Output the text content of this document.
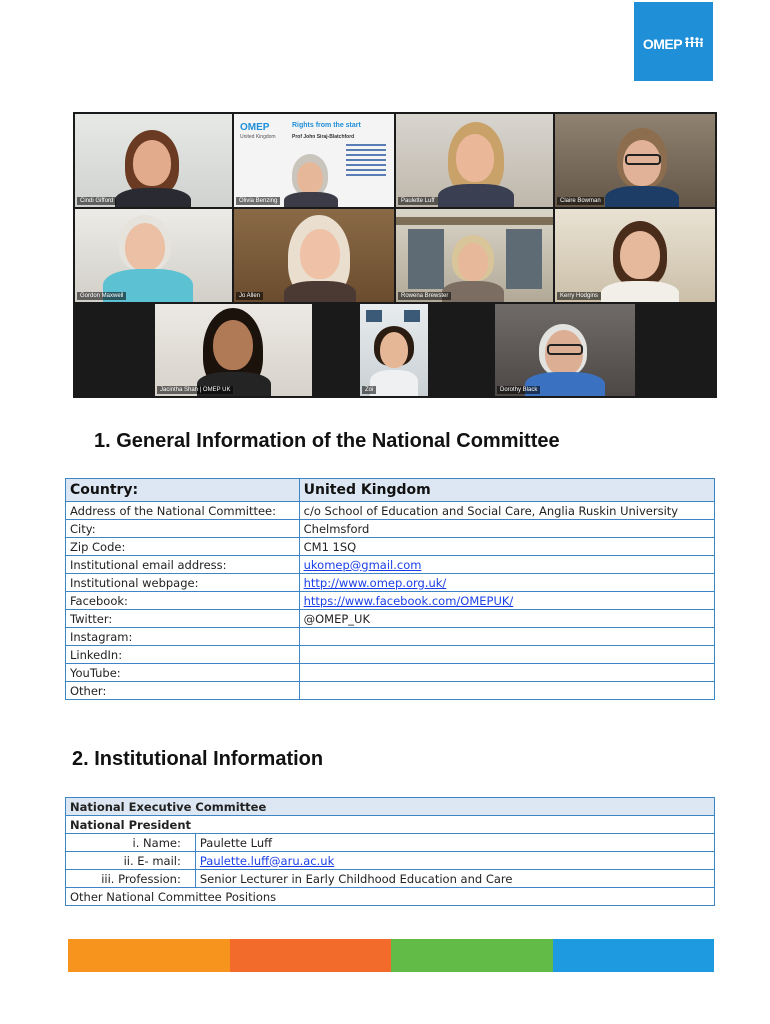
OMEP
Cindi Gifford
OMEP
United Kingdom
Rights from the start
Prof John Siraj-Blatchford
Olivia Benzing	Paulette Luff	Claire Bowman
Gordon Maxwell	Jo Allen	Rowena Brewster	Kerry Hodgins
Jacintha Shah | OMEP UK	Zoi	Dorothy Black
1. General Information of the National Committee
Country:	United Kingdom
Address of the National Committee:	c/o School of Education and Social Care, Anglia Ruskin University
City:	Chelmsford
Zip Code:	CM1 1SQ
Institutional email address:	ukomep@gmail.com
Institutional webpage:	http://www.omep.org.uk/
Facebook:	https://www.facebook.com/OMEPUK/
Twitter:	@OMEP_UK
Instagram:	
LinkedIn:	
YouTube:	
Other:	
2. Institutional Information
National Executive Committee	
National President	
i. Name:	Paulette Luff
ii. E- mail:	Paulette.luff@aru.ac.uk
iii. Profession:	Senior Lecturer in Early Childhood Education and Care
Other National Committee Positions	
